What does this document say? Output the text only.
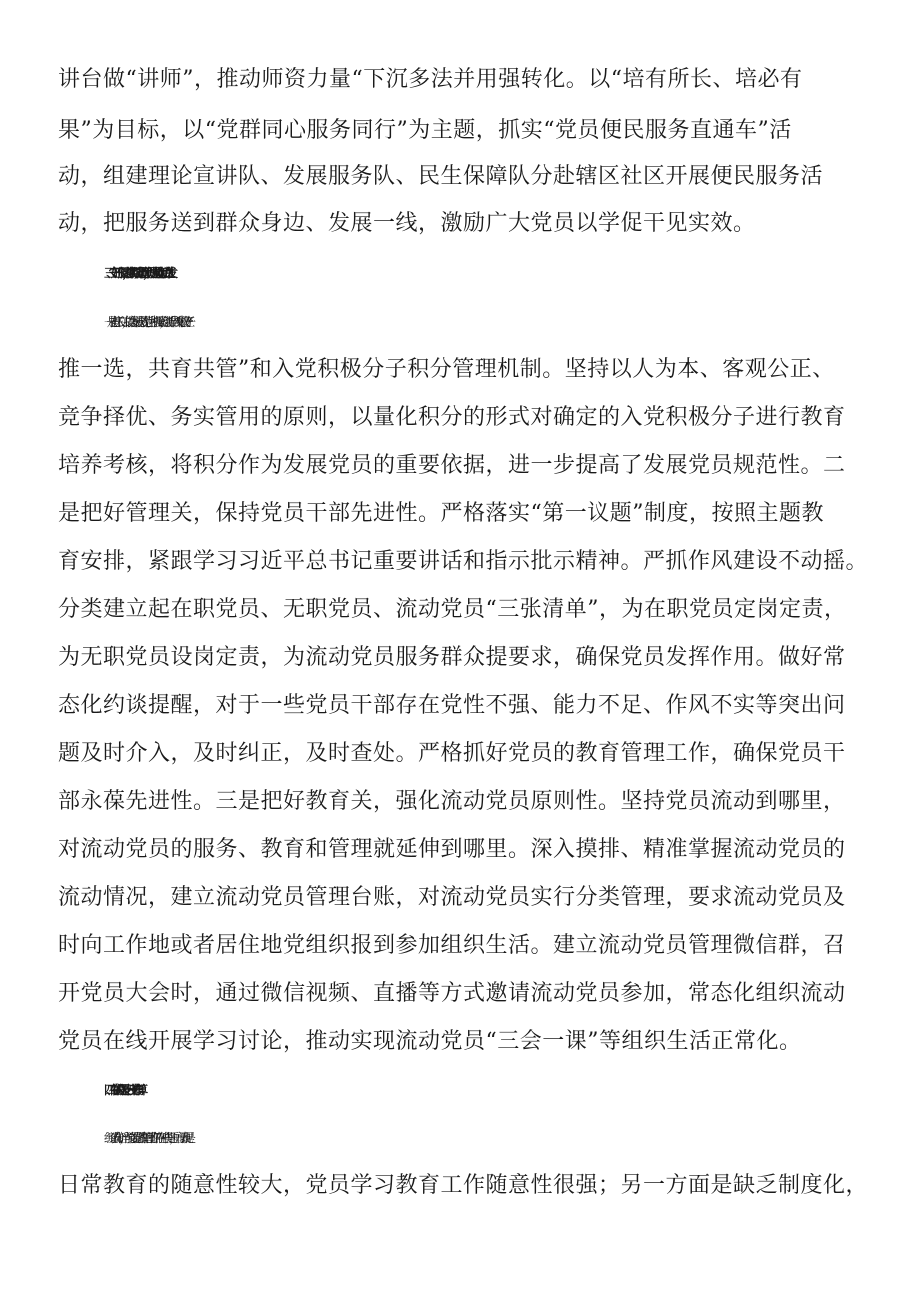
讲台做“讲师”，推动师资力量“下沉多法并用强转化。以“培有所长、培必有
果”为目标，以“党群同心服务同行”为主题，抓实“党员便民服务直通车”活
动，组建理论宣讲队、发展服务队、民生保障队分赴辖区社区开展便民服务活
动，把服务送到群众身边、发展一线，激励广大党员以学促干见实效。
三、守好三个原则，抓实抓细党员管理，促进党员队伍活力迸发
一是把好入口关，提高发展党员规范性。积极探索，创新推出入党积极分子“三
推一选，共育共管”和入党积极分子积分管理机制。坚持以人为本、客观公正、
竞争择优、务实管用的原则，以量化积分的形式对确定的入党积极分子进行教育
培养考核，将积分作为发展党员的重要依据，进一步提高了发展党员规范性。二
是把好管理关，保持党员干部先进性。严格落实“第一议题”制度，按照主题教
育安排，紧跟学习习近平总书记重要讲话和指示批示精神。严抓作风建设不动摇。
分类建立起在职党员、无职党员、流动党员“三张清单”，为在职党员定岗定责，
为无职党员设岗定责，为流动党员服务群众提要求，确保党员发挥作用。做好常
态化约谈提醒，对于一些党员干部存在党性不强、能力不足、作风不实等突出问
题及时介入，及时纠正，及时查处。严格抓好党员的教育管理工作，确保党员干
部永葆先进性。三是把好教育关，强化流动党员原则性。坚持党员流动到哪里，
对流动党员的服务、教育和管理就延伸到哪里。深入摸排、精准掌握流动党员的
流动情况，建立流动党员管理台账，对流动党员实行分类管理，要求流动党员及
时向工作地或者居住地党组织报到参加组织生活。建立流动党员管理微信群，召
开党员大会时，通过微信视频、直播等方式邀请流动党员参加，常态化组织流动
党员在线开展学习讨论，推动实现流动党员“三会一课”等组织生活正常化。
四、存在的问题及下一步工作打算
经过认真分析，当前党委党员教育管理工作仍存在一些问题，一方面表现是
日常教育的随意性较大，党员学习教育工作随意性很强；另一方面是缺乏制度化，
